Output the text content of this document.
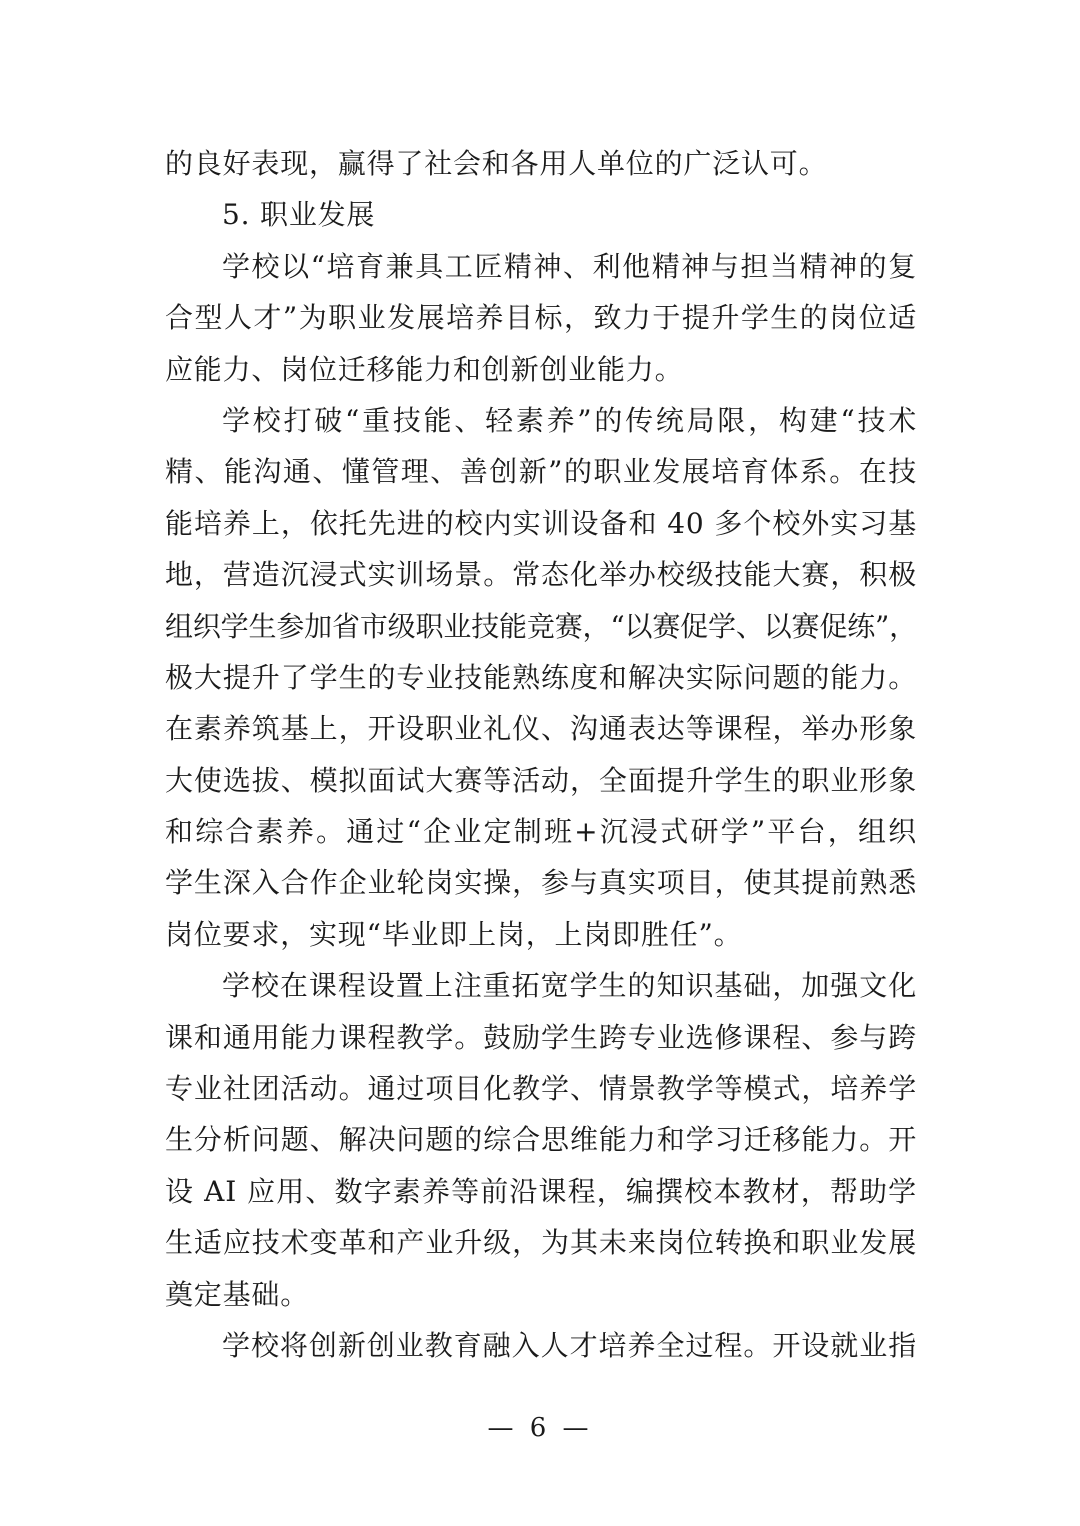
的良好表现，赢得了社会和各用人单位的广泛认可。
5. 职业发展
学校以“培育兼具工匠精神、利他精神与担当精神的复
合型人才”为职业发展培养目标，致力于提升学生的岗位适
应能力、岗位迁移能力和创新创业能力。
学校打破“重技能、轻素养”的传统局限，构建“技术
精、能沟通、懂管理、善创新”的职业发展培育体系。在技
能培养上，依托先进的校内实训设备和 40 多个校外实习基
地，营造沉浸式实训场景。常态化举办校级技能大赛，积极
组织学生参加省市级职业技能竞赛，“以赛促学、以赛促练”，
极大提升了学生的专业技能熟练度和解决实际问题的能力。
在素养筑基上，开设职业礼仪、沟通表达等课程，举办形象
大使选拔、模拟面试大赛等活动，全面提升学生的职业形象
和综合素养。通过“企业定制班+沉浸式研学”平台，组织
学生深入合作企业轮岗实操，参与真实项目，使其提前熟悉
岗位要求，实现“毕业即上岗，上岗即胜任”。
学校在课程设置上注重拓宽学生的知识基础，加强文化
课和通用能力课程教学。鼓励学生跨专业选修课程、参与跨
专业社团活动。通过项目化教学、情景教学等模式，培养学
生分析问题、解决问题的综合思维能力和学习迁移能力。开
设 AI 应用、数字素养等前沿课程，编撰校本教材，帮助学
生适应技术变革和产业升级，为其未来岗位转换和职业发展
奠定基础。
学校将创新创业教育融入人才培养全过程。开设就业指
— 6 —
